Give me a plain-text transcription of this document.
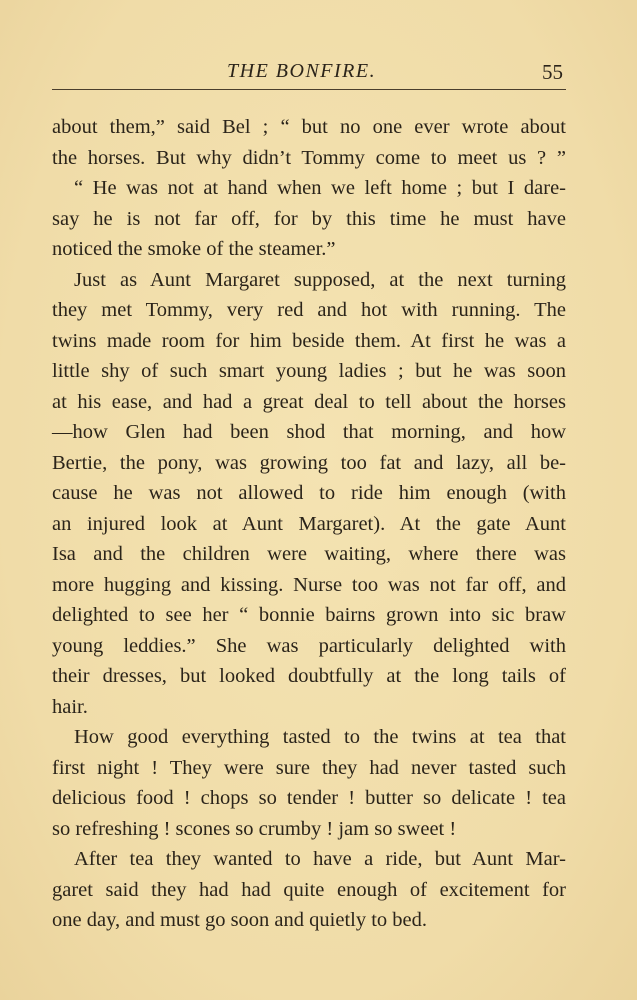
THE BONFIRE.	55
about them,” said Bel ; “ but no one ever wrote about
the horses. But why didn’t Tommy come to meet us ? ”
“ He was not at hand when we left home ; but I dare-
say he is not far off, for by this time he must have
noticed the smoke of the steamer.”
Just as Aunt Margaret supposed, at the next turning
they met Tommy, very red and hot with running. The
twins made room for him beside them. At first he was a
little shy of such smart young ladies ; but he was soon
at his ease, and had a great deal to tell about the horses
—how Glen had been shod that morning, and how
Bertie, the pony, was growing too fat and lazy, all be-
cause he was not allowed to ride him enough (with
an injured look at Aunt Margaret). At the gate Aunt
Isa and the children were waiting, where there was
more hugging and kissing. Nurse too was not far off, and
delighted to see her “ bonnie bairns grown into sic braw
young leddies.” She was particularly delighted with
their dresses, but looked doubtfully at the long tails of
hair.
How good everything tasted to the twins at tea that
first night ! They were sure they had never tasted such
delicious food ! chops so tender ! butter so delicate ! tea
so refreshing ! scones so crumby ! jam so sweet !
After tea they wanted to have a ride, but Aunt Mar-
garet said they had had quite enough of excitement for
one day, and must go soon and quietly to bed.
